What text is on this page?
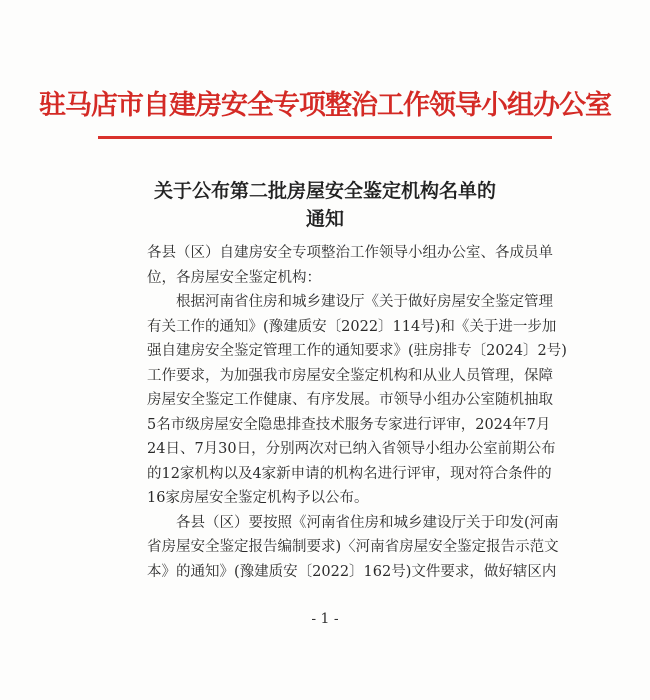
驻马店市自建房安全专项整治工作领导小组办公室
关于公布第二批房屋安全鉴定机构名单的
通知
各县（区）自建房安全专项整治工作领导小组办公室、各成员单
位，各房屋安全鉴定机构：
　　根据河南省住房和城乡建设厅《关于做好房屋安全鉴定管理
有关工作的通知》(豫建质安〔2022〕114号)和《关于进一步加
强自建房安全鉴定管理工作的通知要求》(驻房排专〔2024〕2号)
工作要求，为加强我市房屋安全鉴定机构和从业人员管理，保障
房屋安全鉴定工作健康、有序发展。市领导小组办公室随机抽取
5名市级房屋安全隐患排查技术服务专家进行评审，2024年7月
24日、7月30日，分别两次对已纳入省领导小组办公室前期公布
的12家机构以及4家新申请的机构名进行评审，现对符合条件的
16家房屋安全鉴定机构予以公布。
　　各县（区）要按照《河南省住房和城乡建设厅关于印发(河南
省房屋安全鉴定报告编制要求)〈河南省房屋安全鉴定报告示范文
本》的通知》(豫建质安〔2022〕162号)文件要求，做好辖区内
- 1 -
